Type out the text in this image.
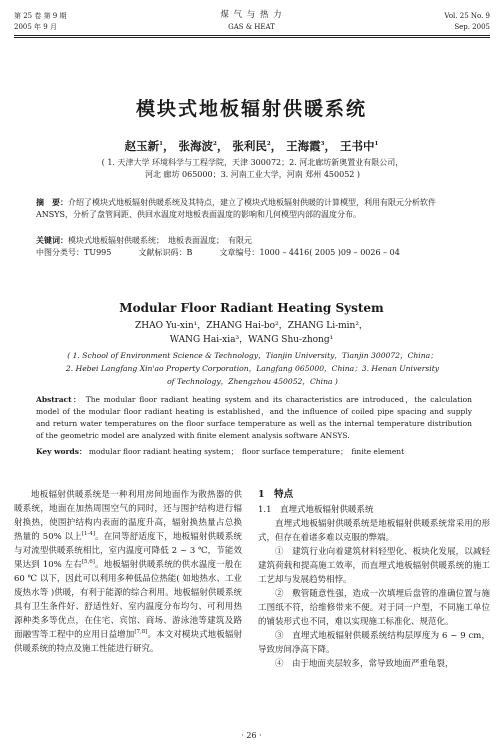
第 25 卷 第 9 期
2005 年 9 月
煤 气 与 热 力
GAS & HEAT
Vol. 25 No. 9
Sep. 2005
模块式地板辐射供暖系统
赵玉新$^1$， 张海波$^2$， 张利民$^2$， 王海霞$^3$， 王书中$^1$
( 1. 天津大学 环境科学与工程学院，天津 300072；2. 河北廊坊新奥置业有限公司，
河北 廊坊 065000；3. 河南工业大学，河南 郑州 450052 )
摘　要：介绍了模块式地板辐射供暖系统及其特点，建立了模块式地板辐射供暖的计算模型，利用有限元分析软件 ANSYS，分析了盘管间距、供回水温度对地板表面温度的影响和几何模型内部的温度分布。
关键词：模块式地板辐射供暖系统；　地板表面温度；　有限元
中图分类号：TU995	文献标识码：B	文章编号：1000 – 4416( 2005 )09 – 0026 – 04
Modular Floor Radiant Heating System
ZHAO Yu-xin¹，ZHANG Hai-bo²，ZHANG Li-min²，
WANG Hai-xia³，WANG Shu-zhong¹
( 1. School of Environment Science & Technology，Tianjin University，Tianjin 300072，China；
2. Hebei Langfang Xin'ao Property Corporation，Langfang 065000，China；3. Henan University
of Technology，Zhengzhou 450052，China )
Abstract： The modular floor radiant heating system and its characteristics are introduced，the calculation model of the modular floor radiant heating is established，and the influence of coiled pipe spacing and supply and return water temperatures on the floor surface temperature as well as the internal temperature distribution of the geometric model are analyzed with finite element analysis software ANSYS.
Key words： modular floor radiant heating system；　floor surface temperature；　finite element

地板辐射供暖系统是一种利用房间地面作为散热器的供暖系统，地面在加热周围空气的同时，还与围护结构进行辐射换热，使围护结构内表面的温度升高，辐射换热量占总换热量的 50% 以上[1-4]。在同等舒适度下，地板辐射供暖系统与对流型供暖系统相比，室内温度可降低 2 ~ 3 ℃，节能效果达到 10% 左右[5,6]。地板辐射供暖系统的供水温度一般在 60 ℃ 以下，因此可以利用多种低品位热能( 如地热水、工业废热水等 )供暖，有利于能源的综合利用。地板辐射供暖系统具有卫生条件好、舒适性好、室内温度分布均匀、可利用热源种类多等优点，在住宅、宾馆、商场、游泳池等建筑及路面融雪等工程中的应用日益增加[7,8]。本文对模块式地板辐射供暖系统的特点及施工性能进行研究。

1　 特点

1.1　直埋式地板辐射供暖系统

直埋式地板辐射供暖系统是地板辐射供暖系统常采用的形式，但存在着诸多难以克服的弊端。

①　建筑行业向着建筑材料轻型化、板块化发展，以减轻建筑荷载和提高施工效率，而直埋式地板辐射供暖系统的施工工艺却与发展趋势相悖。

②　敷管随意性强，造成一次填埋后盘管的准确位置与施工图纸不符，给维修带来不便。对于同一户型，不同施工单位的铺装形式也不同，难以实现施工标准化、规范化。

③　直埋式地板辐射供暖系统结构层厚度为 6 ~ 9 cm，导致房间净高下降。

④　由于地面夹层较多，常导致地面严重龟裂，

· 26 ·
